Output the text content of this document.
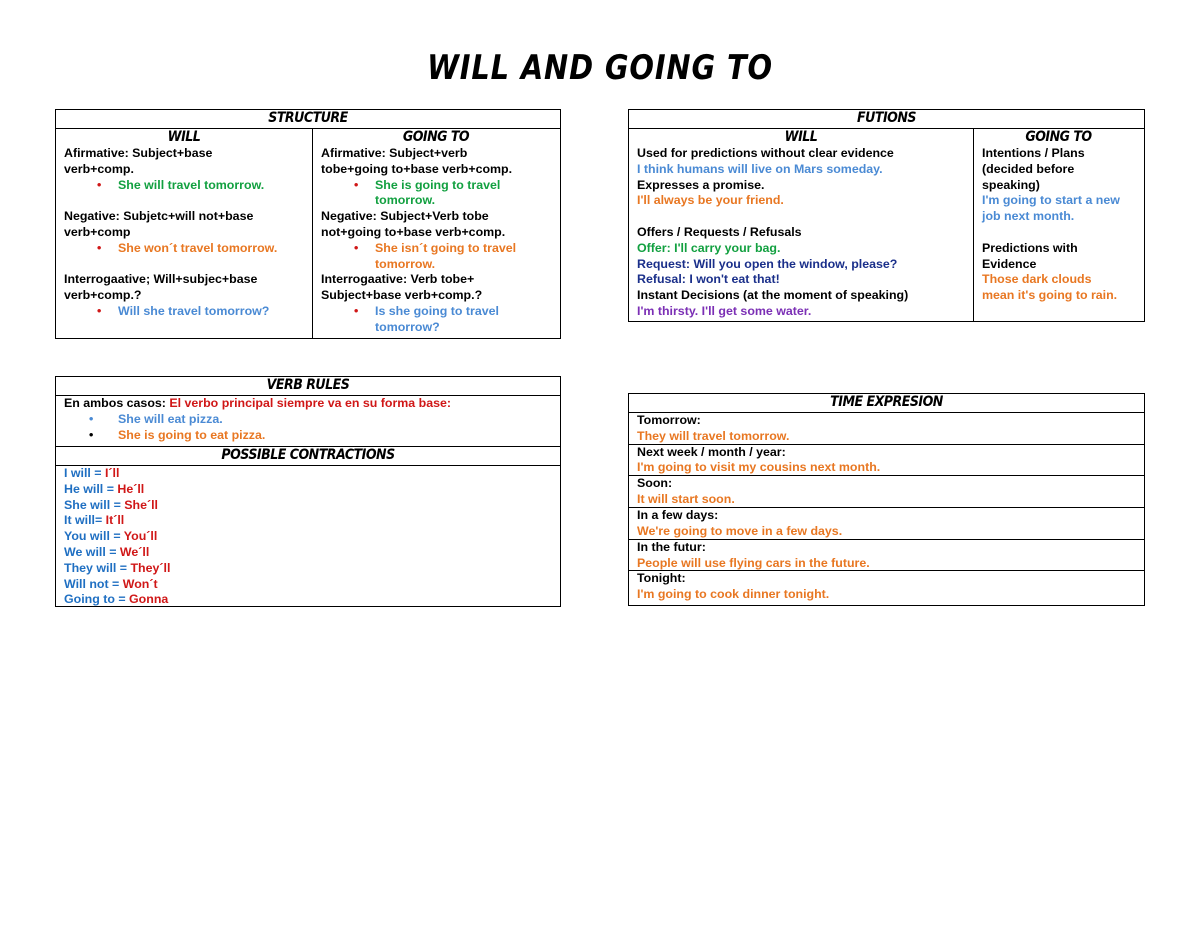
WILL AND GOING TO
STRUCTURE
WILL
Afirmative: Subject+base
verb+comp.
• She will travel tomorrow.
Negative: Subjetc+will not+base
verb+comp
• She won´t travel tomorrow.
Interrogaative; Will+subjec+base
verb+comp.?
• Will she travel tomorrow?
GOING TO
Afirmative: Subject+verb
tobe+going to+base verb+comp.
• She is going to travel
tomorrow.
Negative: Subject+Verb tobe
not+going to+base verb+comp.
• She isn´t going to travel
tomorrow.
Interrogaative: Verb tobe+
Subject+base verb+comp.?
• Is she going to travel
tomorrow?
FUTIONS
WILL
Used for predictions without clear evidence
I think humans will live on Mars someday.
Expresses a promise.
I'll always be your friend.
Offers / Requests / Refusals
Offer: I'll carry your bag.
Request: Will you open the window, please?
Refusal: I won't eat that!
Instant Decisions (at the moment of speaking)
I'm thirsty. I'll get some water.
GOING TO
Intentions / Plans
(decided before
speaking)
I'm going to start a new
job next month.
Predictions with
Evidence
Those dark clouds
mean it's going to rain.
VERB RULES
En ambos casos: El verbo principal siempre va en su forma base:
• She will eat pizza.
• She is going to eat pizza.
POSSIBLE CONTRACTIONS
I will = I´ll
He will = He´ll
She will = She´ll
It will= It´ll
You will = You´ll
We will = We´ll
They will = They´ll
Will not = Won´t
Going to = Gonna
TIME EXPRESION
Tomorrow:
They will travel tomorrow.
Next week / month / year:
I'm going to visit my cousins next month.
Soon:
It will start soon.
In a few days:
We're going to move in a few days.
In the futur:
People will use flying cars in the future.
Tonight:
I'm going to cook dinner tonight.
